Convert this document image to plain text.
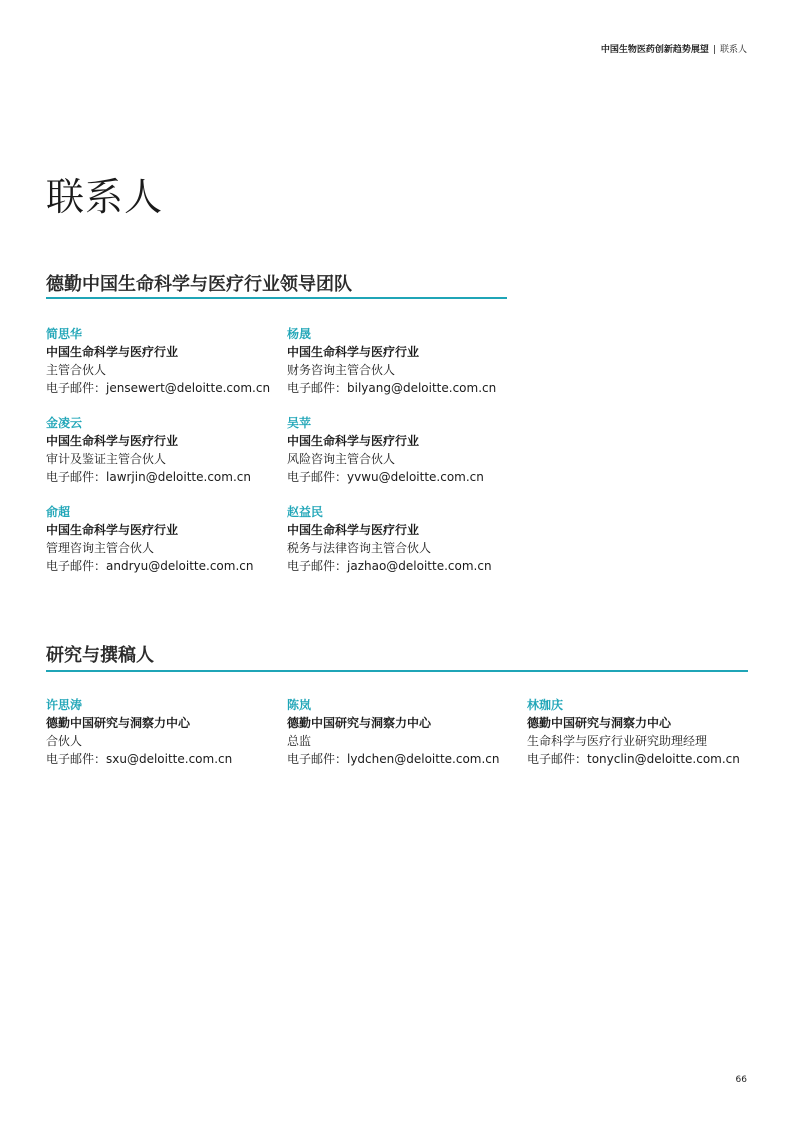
中国生物医药创新趋势展望 | 联系人
联系人
德勤中国生命科学与医疗行业领导团队
简思华
中国生命科学与医疗行业
主管合伙人
电子邮件：jensewert@deloitte.com.cn
杨晟
中国生命科学与医疗行业
财务咨询主管合伙人
电子邮件：bilyang@deloitte.com.cn
金凌云
中国生命科学与医疗行业
审计及鉴证主管合伙人
电子邮件：lawrjin@deloitte.com.cn
吴苹
中国生命科学与医疗行业
风险咨询主管合伙人
电子邮件：yvwu@deloitte.com.cn
俞超
中国生命科学与医疗行业
管理咨询主管合伙人
电子邮件：andryu@deloitte.com.cn
赵益民
中国生命科学与医疗行业
税务与法律咨询主管合伙人
电子邮件：jazhao@deloitte.com.cn
研究与撰稿人
许思涛
德勤中国研究与洞察力中心
合伙人
电子邮件：sxu@deloitte.com.cn
陈岚
德勤中国研究与洞察力中心
总监
电子邮件：lydchen@deloitte.com.cn
林珈庆
德勤中国研究与洞察力中心
生命科学与医疗行业研究助理经理
电子邮件：tonyclin@deloitte.com.cn
66
